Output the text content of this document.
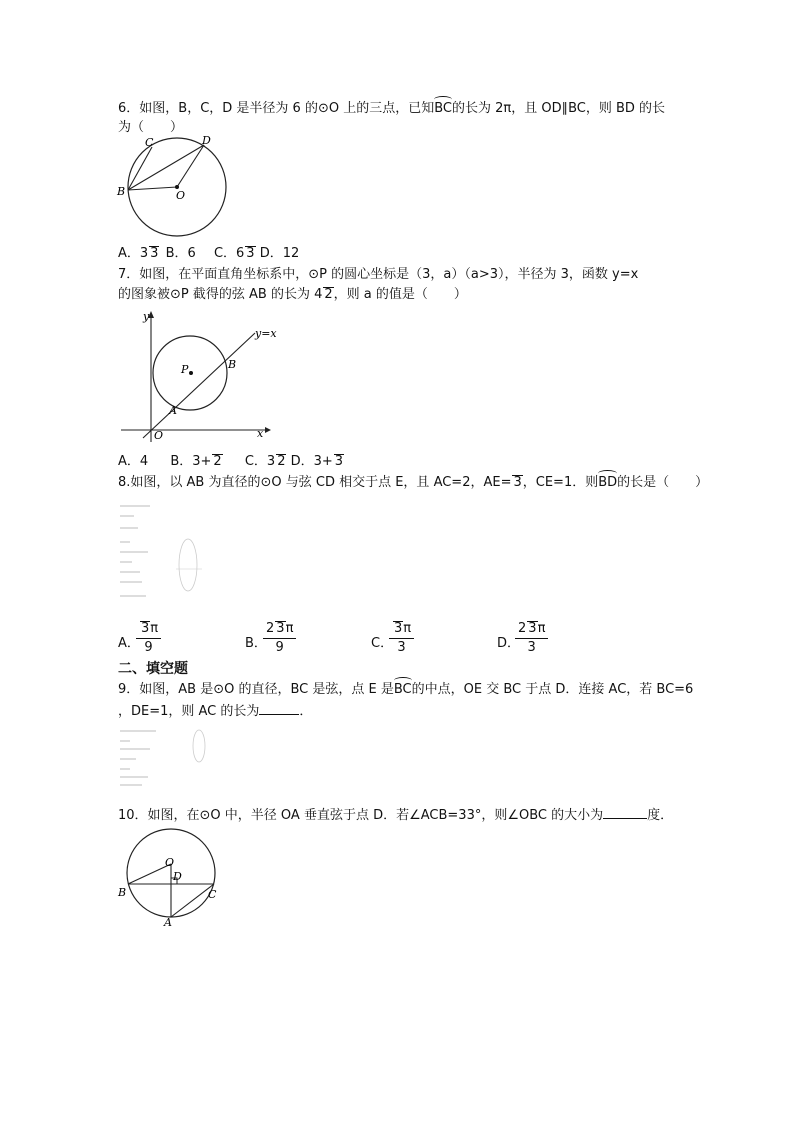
6．如图，B，C，D 是半径为 6 的⊙O 上的三点，已知BC的长为 2π，且 OD∥BC，则 BD 的长
为（　　）
C	D
B	O
A．3 3 B．6 C．6 3 D．12
7．如图，在平面直角坐标系中，⊙P 的圆心坐标是（3，a）（a>3），半径为 3，函数 y=x
的图象被⊙P 截得的弦 AB 的长为 4 2，则 a 的值是（　　）
y
x
O
P
A
B
y=x
A．4 B．3+ 2 C．3 2 D．3+ 3
8.如图，以 AB 为直径的⊙O 与弦 CD 相交于点 E，且 AC=2，AE= 3，CE=1．则BD的长是（　　）
A．
$\frac{3\pi}{9}$	B．
$\frac{2 3\pi}{9}$	C．
$\frac{3\pi}{3}$	D．
$\frac{2 3\pi}{3}$
二、填空题
9．如图，AB 是⊙O 的直径，BC 是弦，点 E 是BC的中点，OE 交 BC 于点 D．连接 AC，若 BC=6
，DE=1，则 AC 的长为	．
10．如图，在⊙O 中，半径 OA 垂直弦于点 D．若∠ACB=33°，则∠OBC 的大小为	度．
O
D
B	C
A
